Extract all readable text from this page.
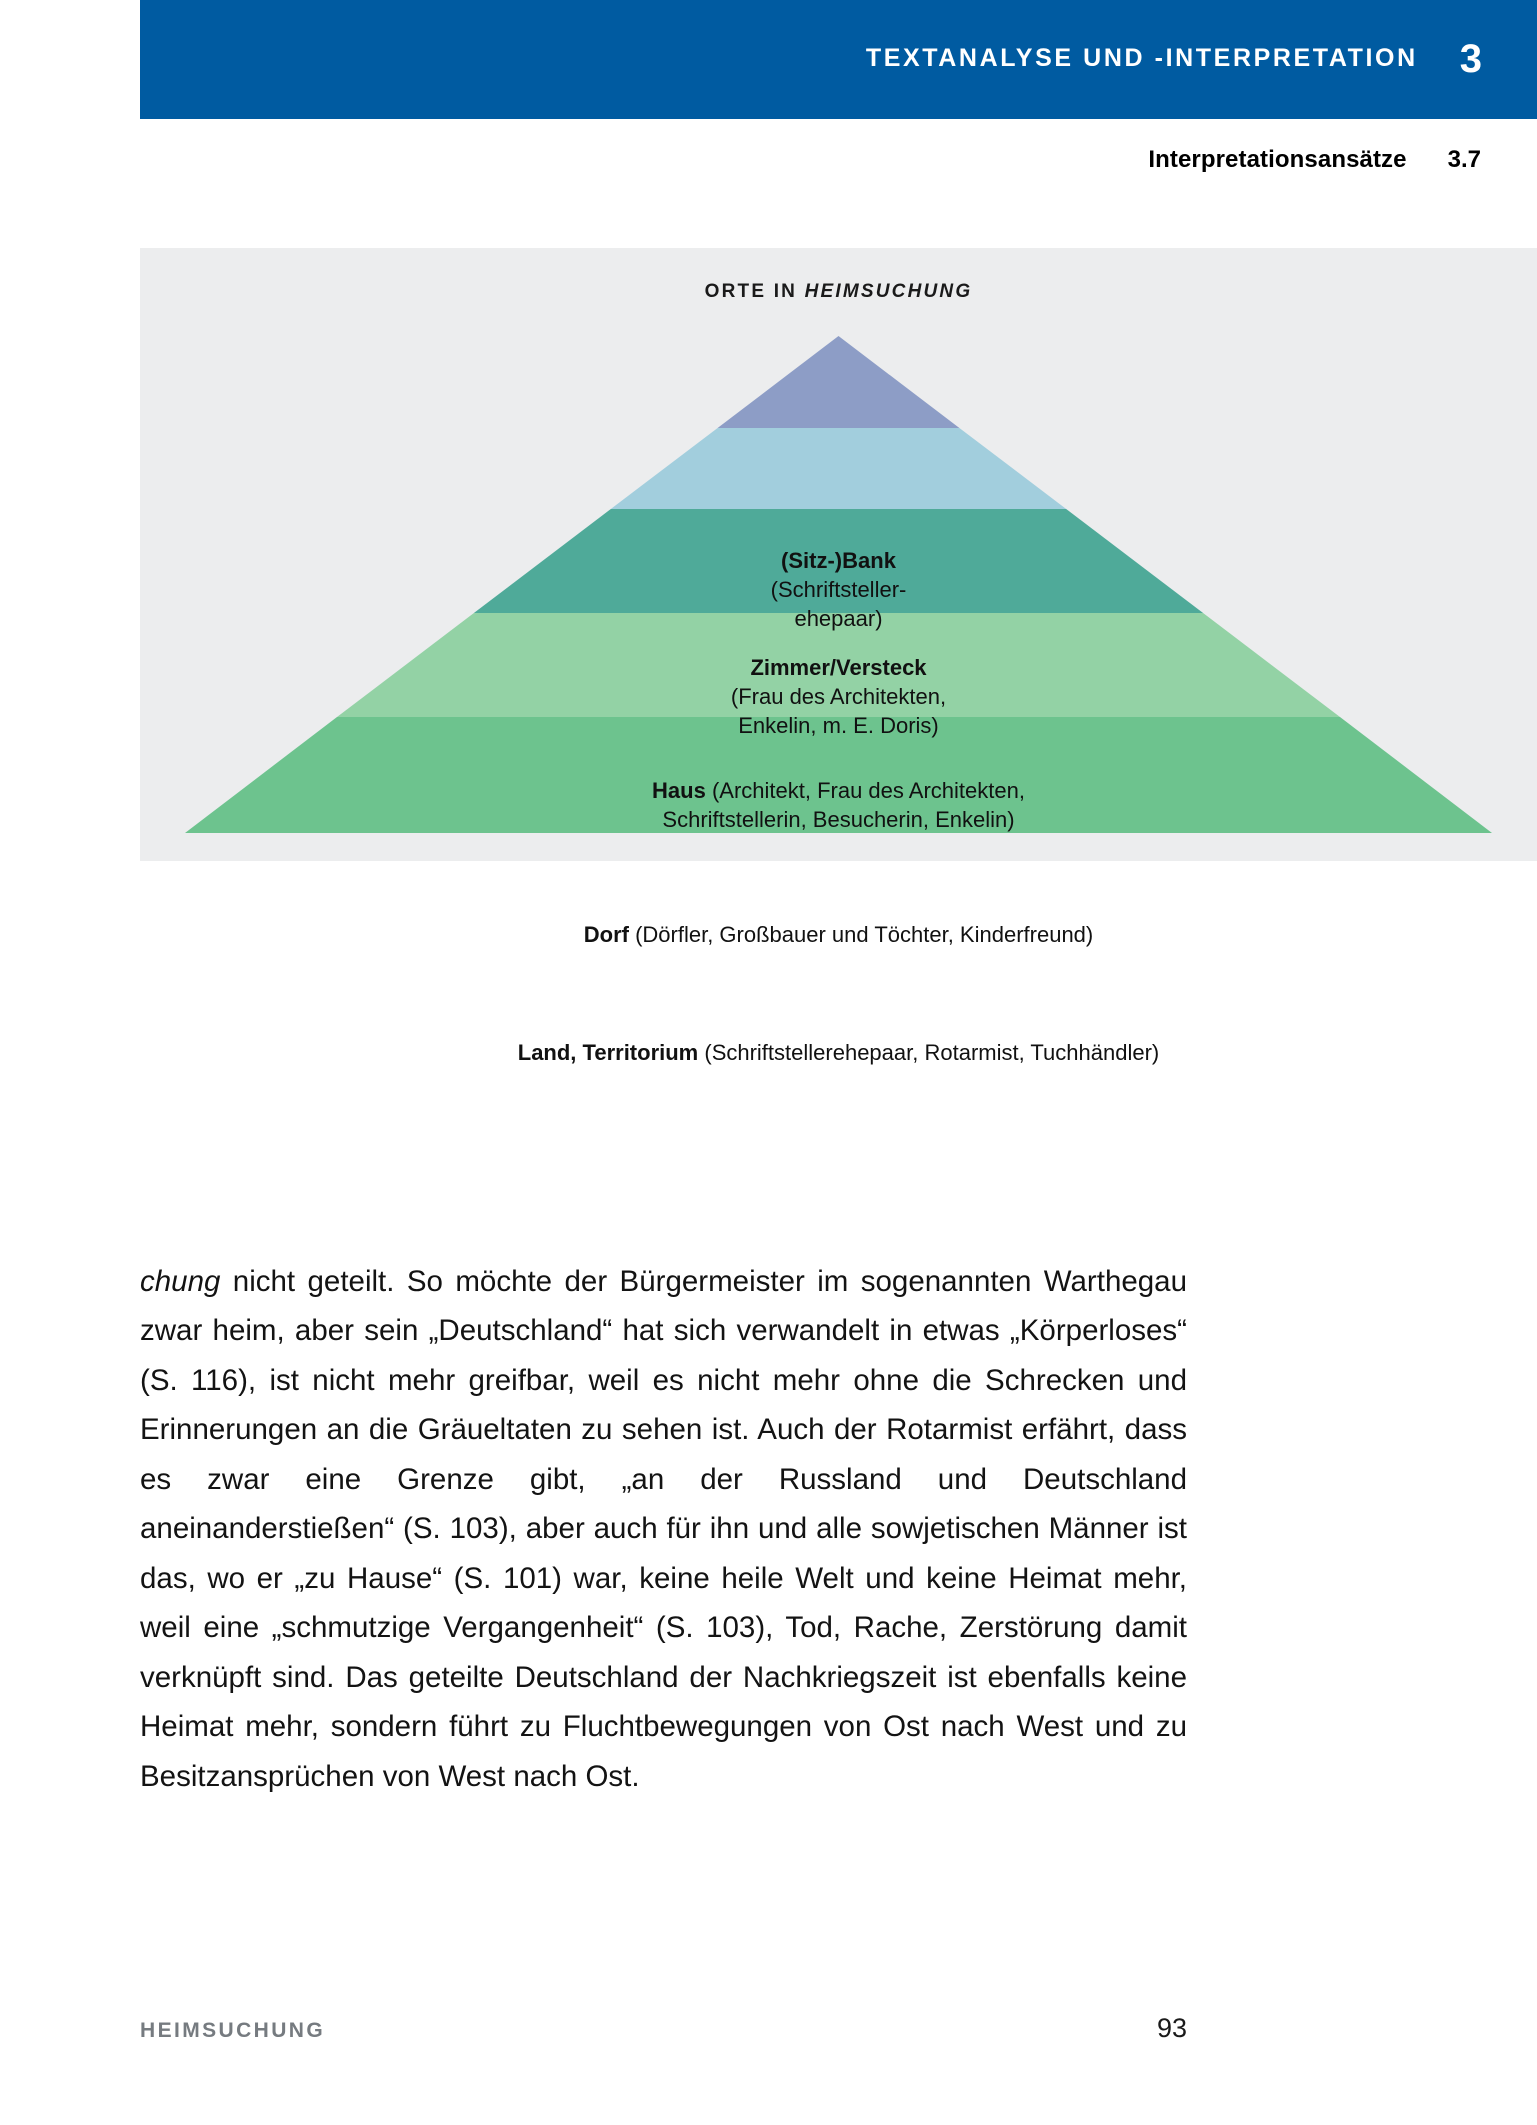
TEXTANALYSE UND -INTERPRETATION 3
Interpretationsansätze 3.7
ORTE IN HEIMSUCHUNG
(Sitz-)Bank
(Schriftsteller-
ehepaar)
Zimmer/Versteck
(Frau des Architekten,
Enkelin, m. E. Doris)
Haus (Architekt, Frau des Architekten,
Schriftstellerin, Besucherin, Enkelin)
Dorf (Dörfler, Großbauer und Töchter, Kinderfreund)
Land, Territorium (Schriftstellerehepaar, Rotarmist, Tuchhändler)

chung nicht geteilt. So möchte der Bürgermeister im sogenannten Warthegau zwar heim, aber sein „Deutschland“ hat sich verwandelt in etwas „Körperloses“ (S. 116), ist nicht mehr greifbar, weil es nicht mehr ohne die Schrecken und Erinnerungen an die Gräueltaten zu sehen ist. Auch der Rotarmist erfährt, dass es zwar eine Grenze gibt, „an der Russland und Deutschland aneinanderstießen“ (S. 103), aber auch für ihn und alle sowjetischen Männer ist das, wo er „zu Hause“ (S. 101) war, keine heile Welt und keine Heimat mehr, weil eine „schmutzige Vergangenheit“ (S. 103), Tod, Rache, Zerstörung damit verknüpft sind. Das geteilte Deutschland der Nachkriegszeit ist ebenfalls keine Heimat mehr, sondern führt zu Fluchtbewegungen von Ost nach West und zu Besitzansprüchen von West nach Ost.

HEIMSUCHUNG	93
